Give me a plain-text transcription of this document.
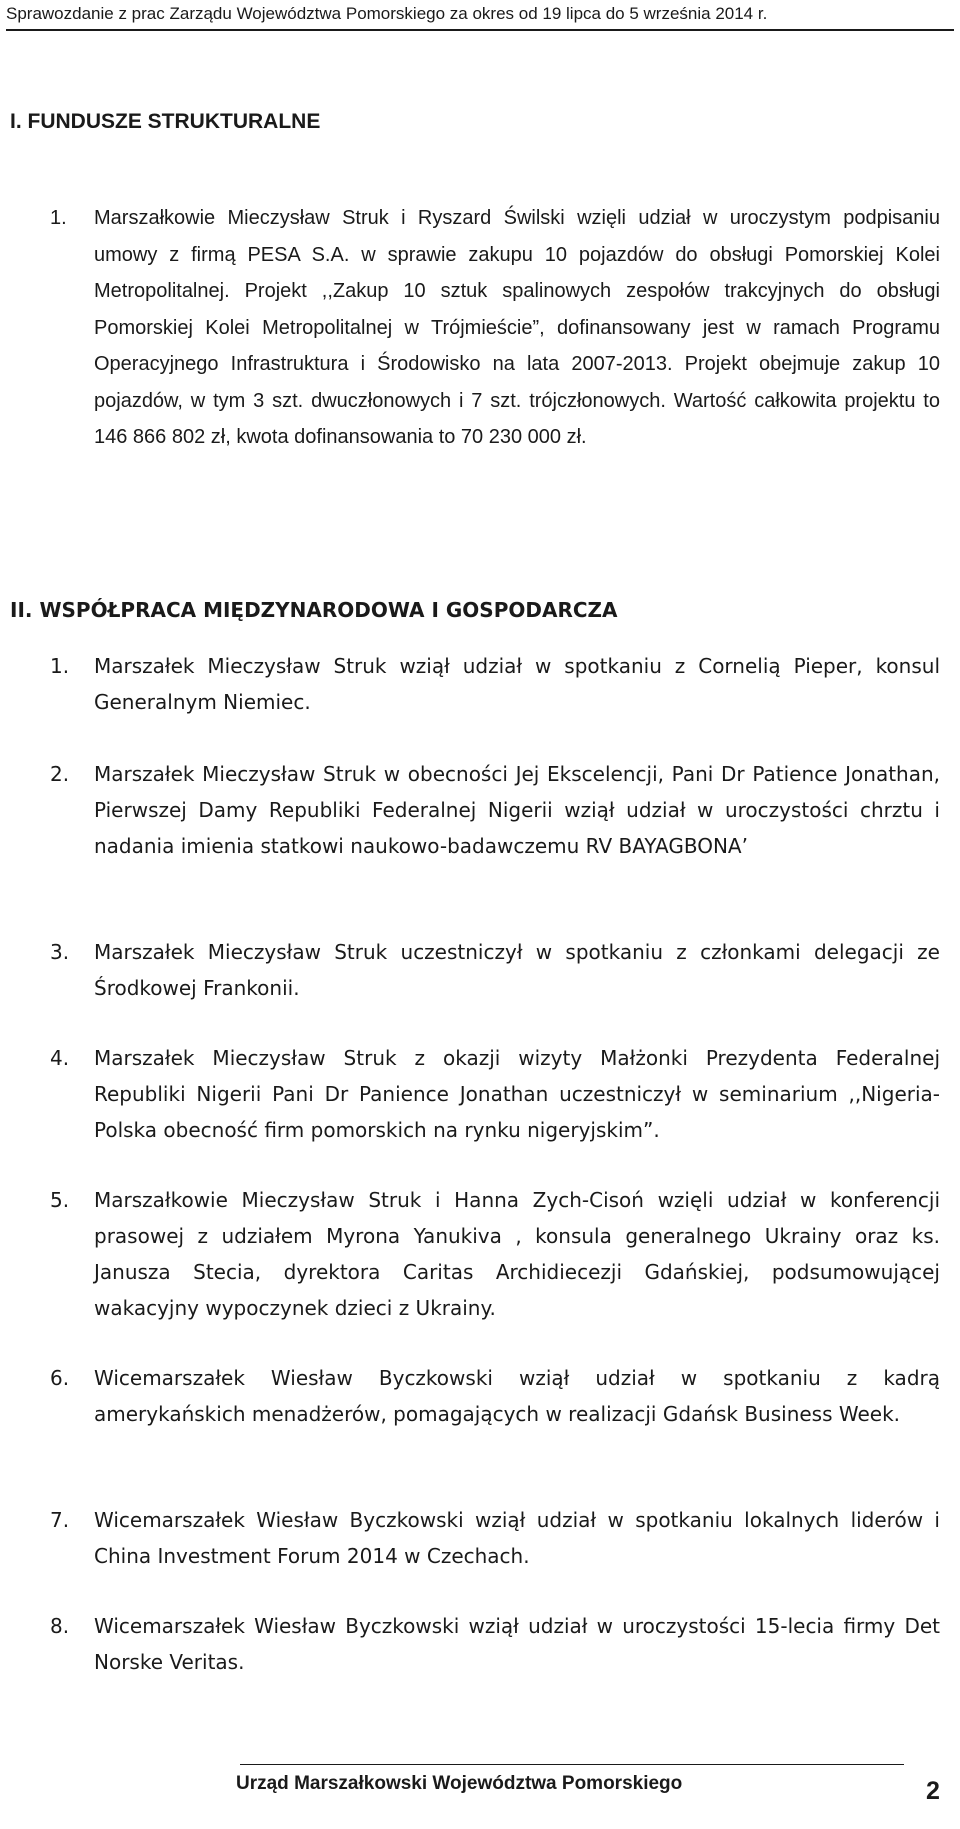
Sprawozdanie z prac Zarządu Województwa Pomorskiego za okres od 19 lipca do 5 września 2014 r.
I. FUNDUSZE STRUKTURALNE
1.	Marszałkowie Mieczysław Struk i Ryszard Świlski wzięli udział w uroczystym podpisaniu umowy z firmą PESA S.A. w sprawie zakupu 10 pojazdów do obsługi Pomorskiej Kolei Metropolitalnej. Projekt ,,Zakup 10 sztuk spalinowych zespołów trakcyjnych do obsługi Pomorskiej Kolei Metropolitalnej w Trójmieście”, dofinansowany jest w ramach Programu Operacyjnego Infrastruktura i Środowisko na lata 2007-2013. Projekt obejmuje zakup 10 pojazdów, w tym 3 szt. dwuczłonowych i 7 szt. trójczłonowych. Wartość całkowita projektu to 146 866 802 zł, kwota dofinansowania to 70 230 000 zł.
II. WSPÓŁPRACA MIĘDZYNARODOWA I GOSPODARCZA
1.	Marszałek Mieczysław Struk wziął udział w spotkaniu z Cornelią Pieper, konsul Generalnym Niemiec.
2.	Marszałek Mieczysław Struk w obecności Jej Ekscelencji, Pani Dr Patience Jonathan, Pierwszej Damy Republiki Federalnej Nigerii wziął udział w uroczystości chrztu i nadania imienia statkowi naukowo-badawczemu RV BAYAGBONA’
3.	Marszałek Mieczysław Struk uczestniczył w spotkaniu z członkami delegacji ze Środkowej Frankonii.
4.	Marszałek Mieczysław Struk z okazji wizyty Małżonki Prezydenta Federalnej Republiki Nigerii Pani Dr Panience Jonathan uczestniczył w seminarium ,,Nigeria-Polska obecność firm pomorskich na rynku nigeryjskim”.
5.	Marszałkowie Mieczysław Struk i Hanna Zych-Cisoń wzięli udział w konferencji prasowej z udziałem Myrona Yanukiva , konsula generalnego Ukrainy oraz ks. Janusza Stecia, dyrektora Caritas Archidiecezji Gdańskiej, podsumowującej wakacyjny wypoczynek dzieci z Ukrainy.
6.	Wicemarszałek Wiesław Byczkowski wziął udział w spotkaniu z kadrą amerykańskich menadżerów, pomagających w realizacji Gdańsk Business Week.
7.	Wicemarszałek Wiesław Byczkowski wziął udział w spotkaniu lokalnych liderów i China Investment Forum 2014 w Czechach.
8.	Wicemarszałek Wiesław Byczkowski wziął udział w uroczystości 15-lecia firmy Det Norske Veritas.
Urząd Marszałkowski Województwa Pomorskiego	2
